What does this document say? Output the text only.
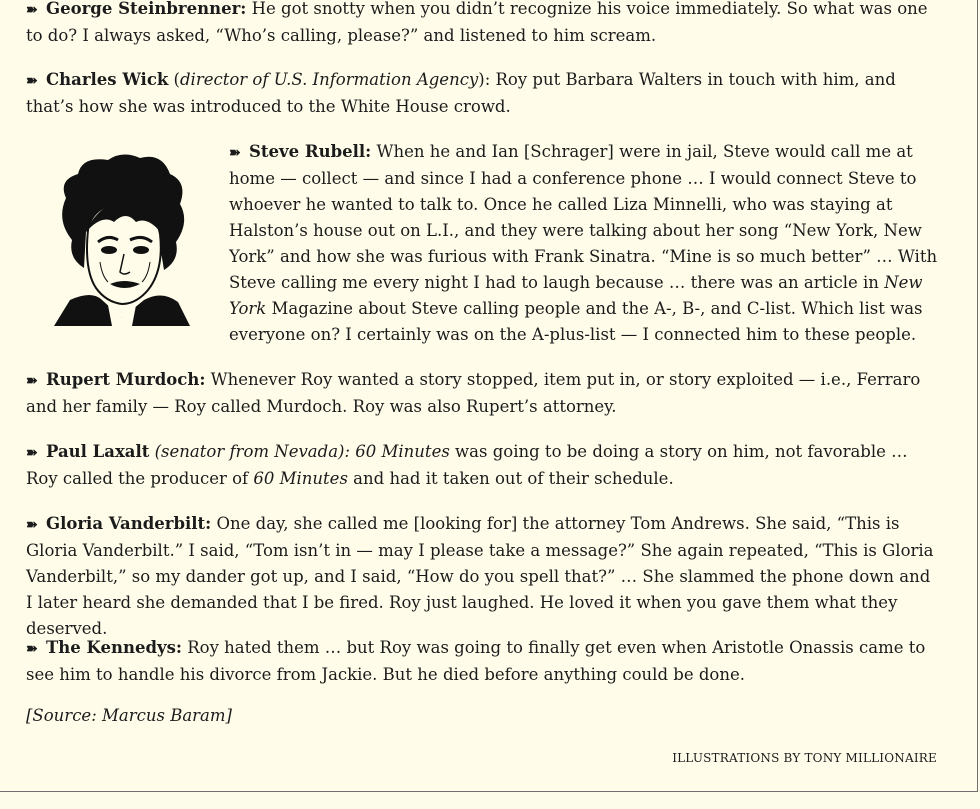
➽ George Steinbrenner: He got snotty when you didn’t recognize his voice immediately. So what was one to do? I always asked, “Who’s calling, please?” and listened to him scream.

➽ Charles Wick (director of U.S. Information Agency): Roy put Barbara Walters in touch with him, and that’s how she was introduced to the White House crowd.

➽ Steve Rubell: When he and Ian [Schrager] were in jail, Steve would call me at home — collect — and since I had a conference phone … I would connect Steve to whoever he wanted to talk to. Once he called Liza Minnelli, who was staying at Halston’s house out on L.I., and they were talking about her song “New York, New York” and how she was furious with Frank Sinatra. “Mine is so much better” … With Steve calling me every night I had to laugh because … there was an article in New York Magazine about Steve calling people and the A-, B-, and C-list. Which list was everyone on? I certainly was on the A-plus-list — I connected him to these people.

➽ Rupert Murdoch: Whenever Roy wanted a story stopped, item put in, or story exploited — i.e., Ferraro and her family — Roy called Murdoch. Roy was also Rupert’s attorney.

➽ Paul Laxalt (senator from Nevada): 60 Minutes was going to be doing a story on him, not favorable … Roy called the producer of 60 Minutes and had it taken out of their schedule.

➽ Gloria Vanderbilt: One day, she called me [looking for] the attorney Tom Andrews. She said, “This is Gloria Vanderbilt.” I said, “Tom isn’t in — may I please take a message?” She again repeated, “This is Gloria Vanderbilt,” so my dander got up, and I said, “How do you spell that?” … She slammed the phone down and I later heard she demanded that I be fired. Roy just laughed. He loved it when you gave them what they deserved.

➽ The Kennedys: Roy hated them … but Roy was going to finally get even when Aristotle Onassis came to see him to handle his divorce from Jackie. But he died before anything could be done.

[Source: Marcus Baram]
ILLUSTRATIONS BY TONY MILLIONAIRE
